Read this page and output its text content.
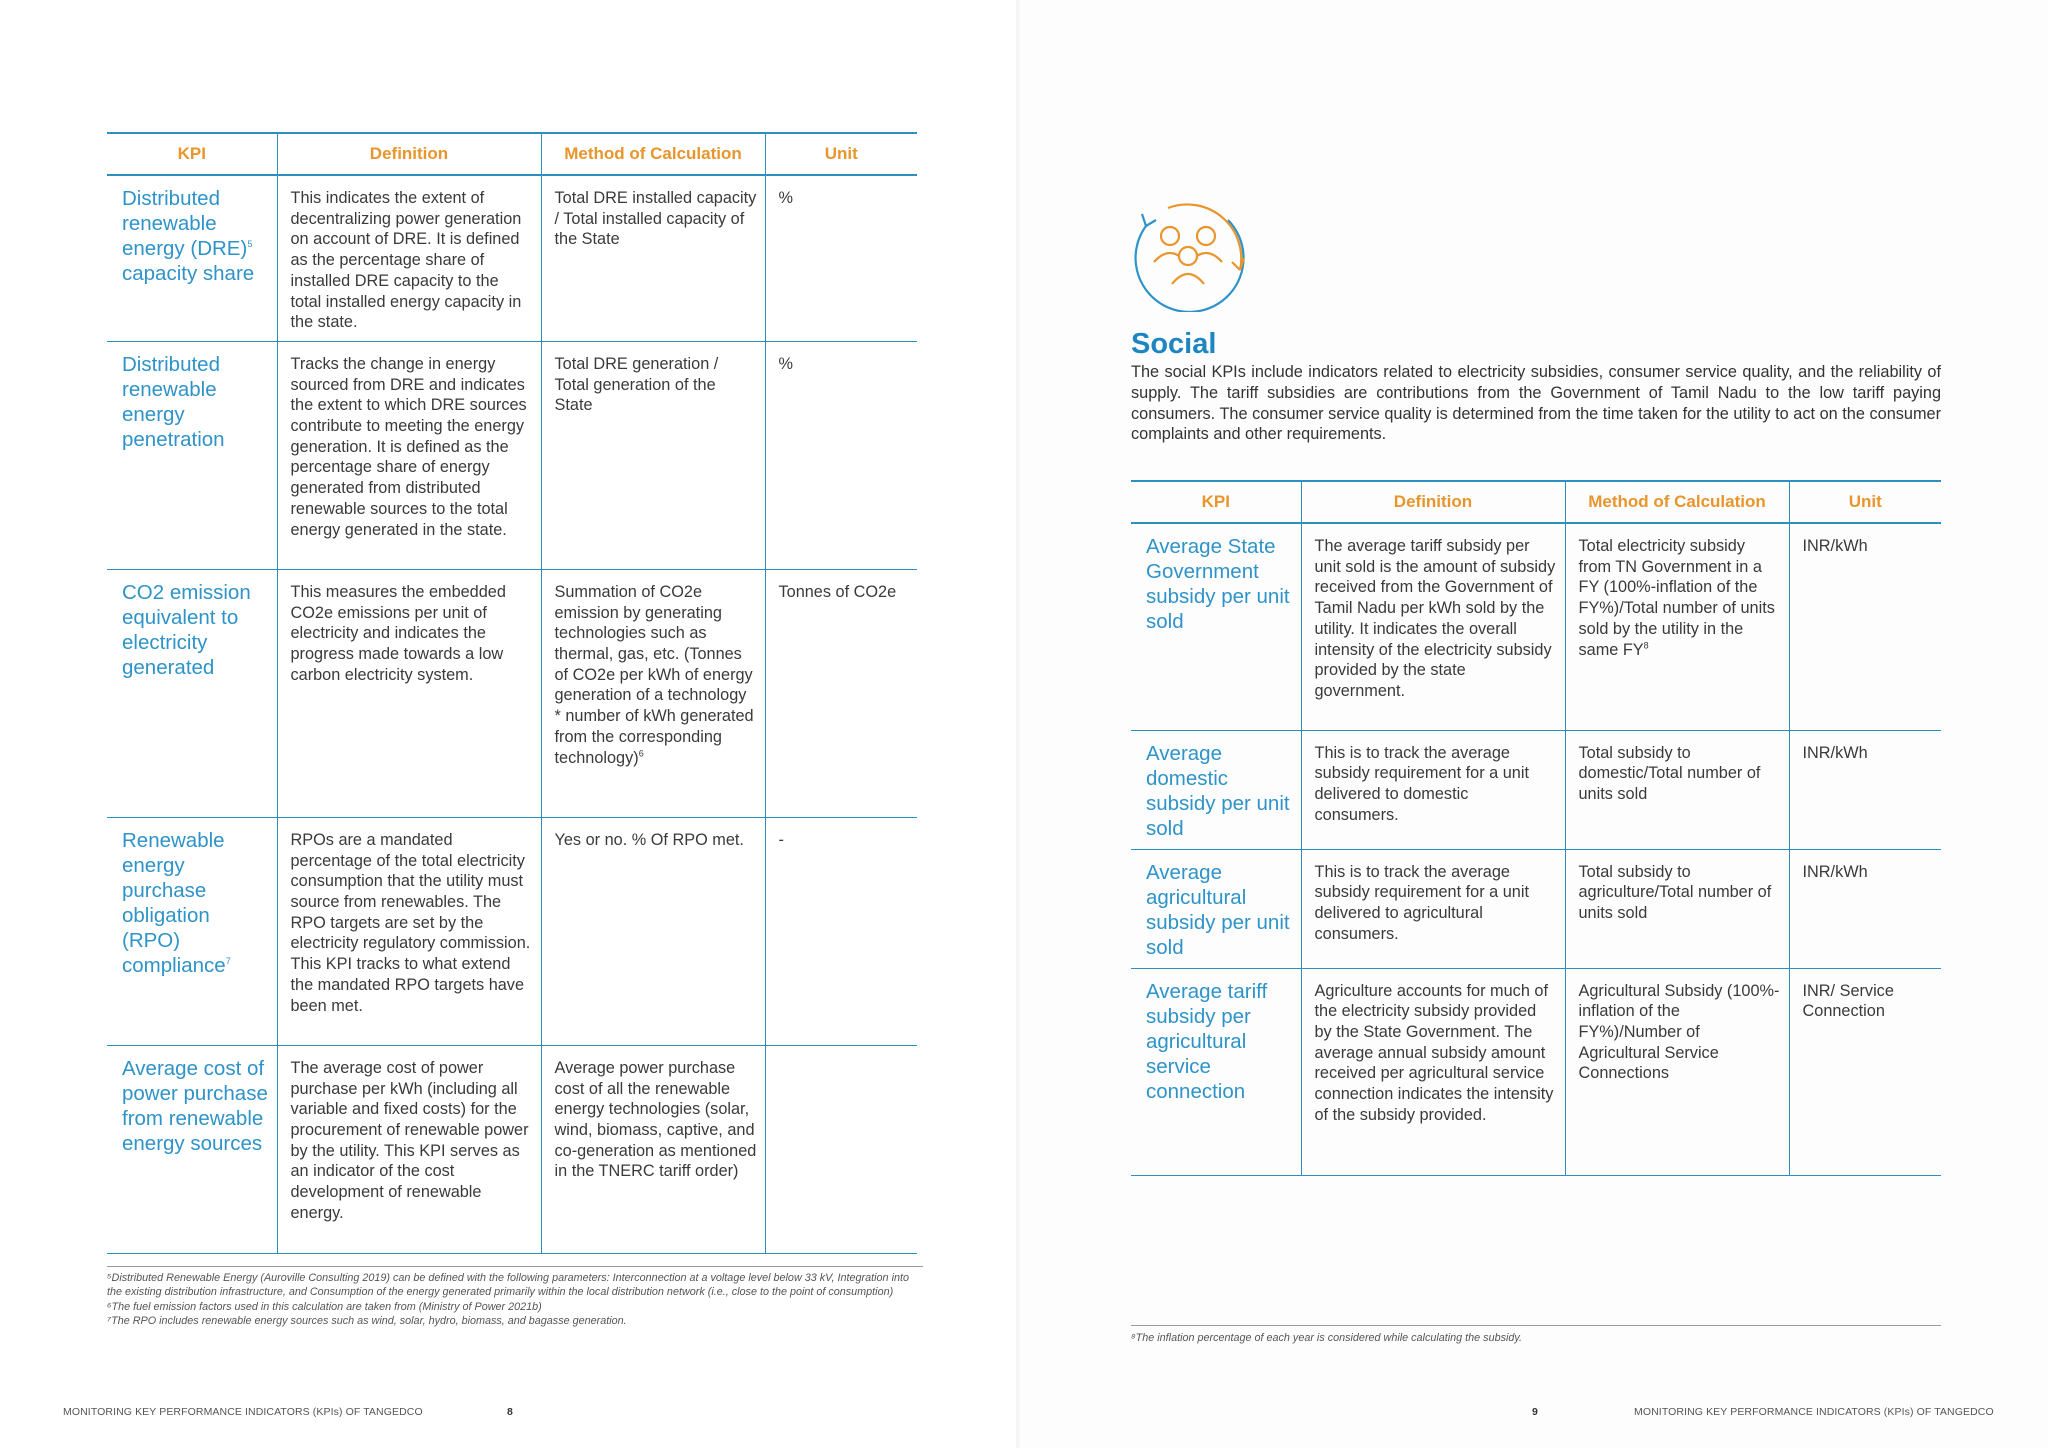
KPI	Definition	Method of Calculation	Unit
Distributed renewable energy (DRE)$^5$ capacity share	This indicates the extent of decentralizing power generation on account of DRE. It is defined as the percentage share of installed DRE capacity to the total installed energy capacity in the state.	Total DRE installed capacity / Total installed capacity of the State	%
Distributed renewable energy penetration	Tracks the change in energy sourced from DRE and indicates the extent to which DRE sources contribute to meeting the energy generation. It is defined as the percentage share of energy generated from distributed renewable sources to the total energy generated in the state.	Total DRE generation / Total generation of the State	%
CO2 emission equivalent to electricity generated	This measures the embedded CO2e emissions per unit of electricity and indicates the progress made towards a low carbon electricity system.	Summation of CO2e emission by generating technologies such as thermal, gas, etc. (Tonnes of CO2e per kWh of energy generation of a technology * number of kWh generated from the corresponding technology)$^6$	Tonnes of CO2e
Renewable energy purchase obligation (RPO) compliance$^7$	RPOs are a mandated percentage of the total electricity consumption that the utility must source from renewables. The RPO targets are set by the electricity regulatory commission. This KPI tracks to what extend the mandated RPO targets have been met.	Yes or no. % Of RPO met.	-
Average cost of power purchase from renewable energy sources	The average cost of power purchase per kWh (including all variable and fixed costs) for the procurement of renewable power by the utility. This KPI serves as an indicator of the cost development of renewable energy.	Average power purchase cost of all the renewable energy technologies (solar, wind, biomass, captive, and co-generation as mentioned in the TNERC tariff order)	
⁵Distributed Renewable Energy (Auroville Consulting 2019) can be defined with the following parameters: Interconnection at a voltage level below 33 kV, Integration into the existing distribution infrastructure, and Consumption of the energy generated primarily within the local distribution network (i.e., close to the point of consumption)
⁶The fuel emission factors used in this calculation are taken from (Ministry of Power 2021b)
⁷The RPO includes renewable energy sources such as wind, solar, hydro, biomass, and bagasse generation.
MONITORING KEY PERFORMANCE INDICATORS (KPIs) OF TANGEDCO	8
Social
The social KPIs include indicators related to electricity subsidies, consumer service quality, and the reliability of supply. The tariff subsidies are contributions from the Government of Tamil Nadu to the low tariff paying consumers. The consumer service quality is determined from the time taken for the utility to act on the consumer complaints and other requirements.
KPI	Definition	Method of Calculation	Unit
Average State Government subsidy per unit sold	The average tariff subsidy per unit sold is the amount of subsidy received from the Government of Tamil Nadu per kWh sold by the utility. It indicates the overall intensity of the electricity subsidy provided by the state government.	Total electricity subsidy from TN Government in a FY (100%-inflation of the FY%)/Total number of units sold by the utility in the same $FY^8$	INR/kWh
Average domestic subsidy per unit sold	This is to track the average subsidy requirement for a unit delivered to domestic consumers.	Total subsidy to domestic/Total number of units sold	INR/kWh
Average agricultural subsidy per unit sold	This is to track the average subsidy requirement for a unit delivered to agricultural consumers.	Total subsidy to agriculture/Total number of units sold	INR/kWh
Average tariff subsidy per agricultural service connection	Agriculture accounts for much of the electricity subsidy provided by the State Government. The average annual subsidy amount received per agricultural service connection indicates the intensity of the subsidy provided.	Agricultural Subsidy (100%-inflation of the FY%)/Number of Agricultural Service Connections	INR/ Service Connection
⁸The inflation percentage of each year is considered while calculating the subsidy.
9	MONITORING KEY PERFORMANCE INDICATORS (KPIs) OF TANGEDCO
